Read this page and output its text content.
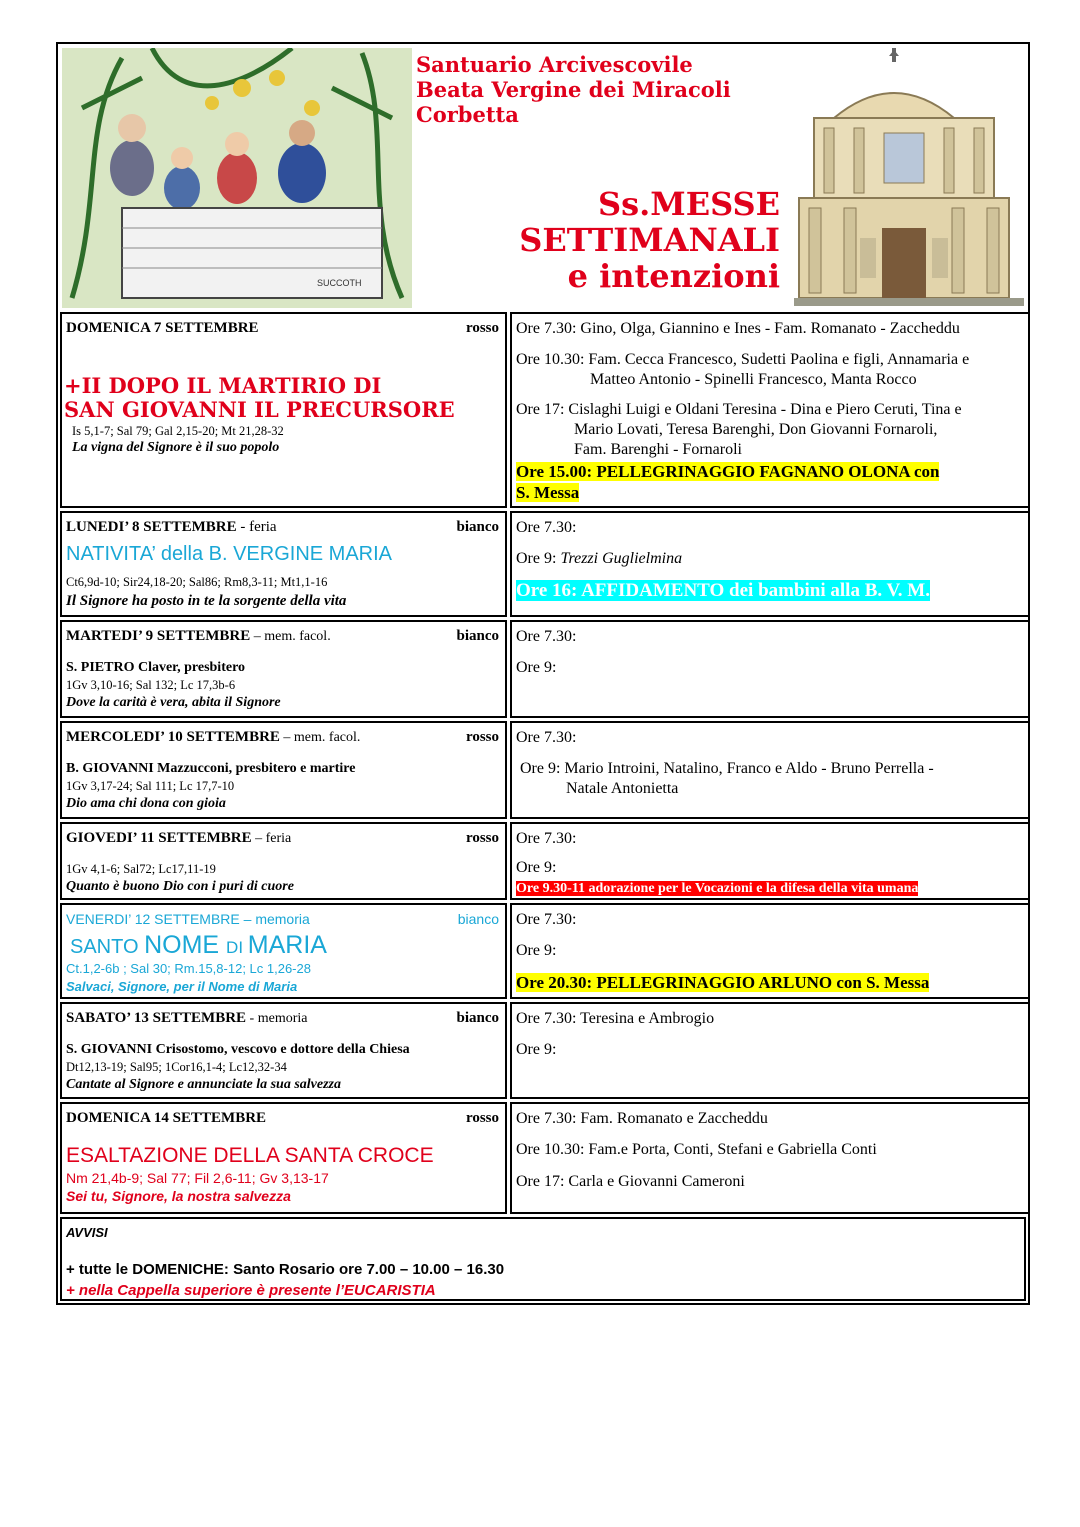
SUCCOTH
Santuario Arcivescovile
Beata Vergine dei Miracoli
Corbetta
Ss.MESSE
SETTIMANALI
e intenzioni
DOMENICA 7 SETTEMBRE	rosso
+II DOPO IL MARTIRIO DI
SAN GIOVANNI IL PRECURSORE
Is 5,1-7; Sal 79; Gal 2,15-20; Mt 21,28-32
La vigna del Signore è il suo popolo
Ore 7.30: Gino, Olga, Giannino e Ines - Fam. Romanato - Zaccheddu
Ore 10.30: Fam. Cecca Francesco, Sudetti Paolina e figli, Annamaria e
Matteo Antonio - Spinelli Francesco, Manta Rocco
Ore 17: Cislaghi Luigi e Oldani Teresina - Dina e Piero Ceruti, Tina e
Mario Lovati, Teresa Barenghi, Don Giovanni Fornaroli,
Fam. Barenghi - Fornaroli
Ore 15.00: PELLEGRINAGGIO FAGNANO OLONA con
S. Messa
LUNEDI’ 8 SETTEMBRE - feria	bianco
NATIVITA’ della B. VERGINE MARIA
Ct6,9d-10; Sir24,18-20; Sal86; Rm8,3-11; Mt1,1-16
Il Signore ha posto in te la sorgente della vita
Ore 7.30:
Ore 9: Trezzi Guglielmina
Ore 16: AFFIDAMENTO dei bambini alla B. V. M.
MARTEDI’ 9 SETTEMBRE – mem. facol.	bianco
S. PIETRO Claver, presbitero
1Gv 3,10-16; Sal 132; Lc 17,3b-6
Dove la carità è vera, abita il Signore
Ore 7.30:
Ore 9:
MERCOLEDI’ 10 SETTEMBRE – mem. facol.	rosso
B. GIOVANNI Mazzucconi, presbitero e martire
1Gv 3,17-24; Sal 111; Lc 17,7-10
Dio ama chi dona con gioia
Ore 7.30:
Ore 9: Mario Introini, Natalino, Franco e Aldo - Bruno Perrella -
Natale Antonietta
GIOVEDI’ 11 SETTEMBRE – feria	rosso
1Gv 4,1-6; Sal72; Lc17,11-19
Quanto è buono Dio con i puri di cuore
Ore 7.30:
Ore 9:
Ore 9.30-11 adorazione per le Vocazioni e la difesa della vita umana
VENERDI’ 12 SETTEMBRE – memoria	bianco
SANTO NOME DI MARIA
Ct.1,2-6b ; Sal 30; Rm.15,8-12; Lc 1,26-28
Salvaci, Signore, per il Nome di Maria
Ore 7.30:
Ore 9:
Ore 20.30: PELLEGRINAGGIO ARLUNO con S. Messa
SABATO’ 13 SETTEMBRE - memoria	bianco
S. GIOVANNI Crisostomo, vescovo e dottore della Chiesa
Dt12,13-19; Sal95; 1Cor16,1-4; Lc12,32-34
Cantate al Signore e annunciate la sua salvezza
Ore 7.30: Teresina e Ambrogio
Ore 9:
DOMENICA 14 SETTEMBRE	rosso
ESALTAZIONE DELLA SANTA CROCE
Nm 21,4b-9; Sal 77; Fil 2,6-11; Gv 3,13-17
Sei tu, Signore, la nostra salvezza
Ore 7.30: Fam. Romanato e Zaccheddu
Ore 10.30: Fam.e Porta, Conti, Stefani e Gabriella Conti
Ore 17: Carla e Giovanni Cameroni
AVVISI
+ tutte le DOMENICHE: Santo Rosario ore 7.00 – 10.00 – 16.30
+ nella Cappella superiore è presente l’EUCARISTIA
